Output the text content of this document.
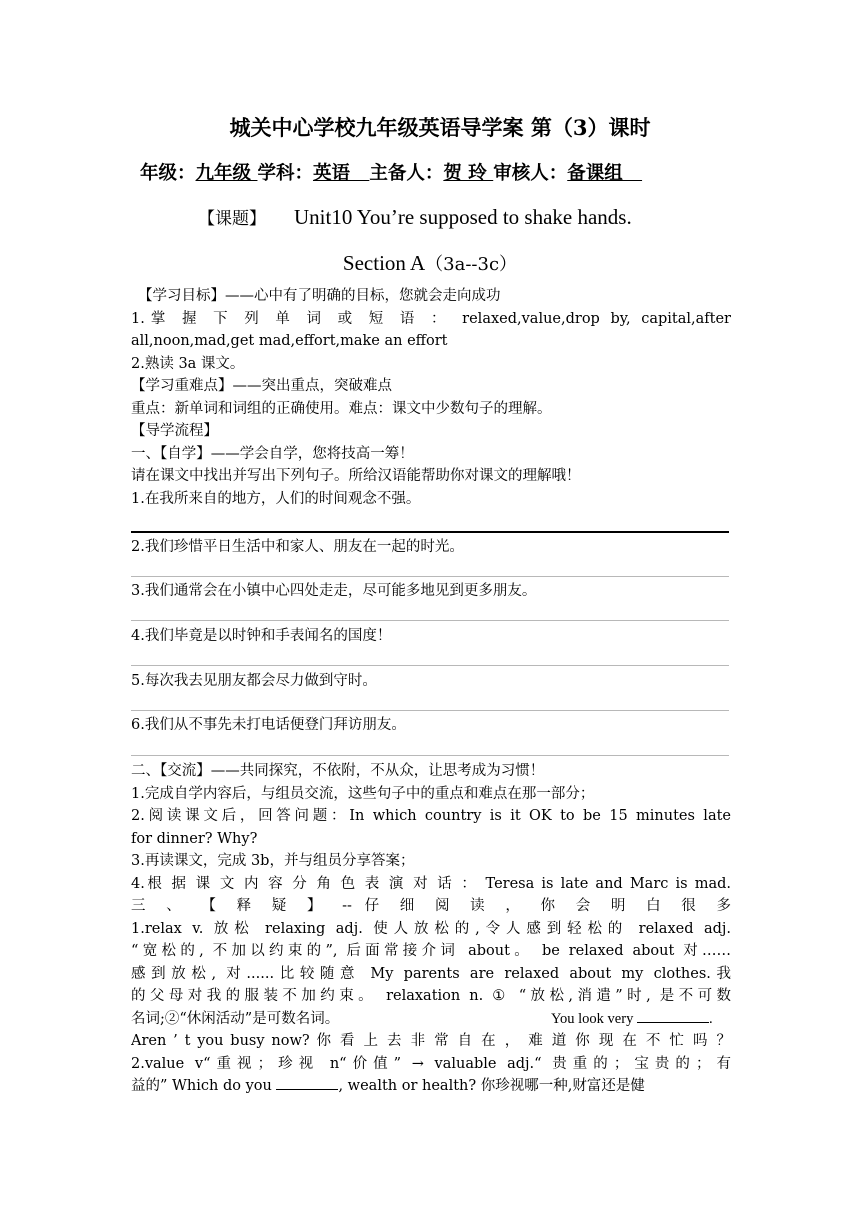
城关中心学校九年级英语导学案 第（3）课时
年级：九年级 学科：英语   主备人：贺 玲 审核人：备课组
【课题】 Unit10 You’re supposed to shake hands.
Section A（3a--3c）
【学习目标】——心中有了明确的目标，您就会走向成功
1.掌 握 下 列 单 词 或 短 语 ： relaxed,value,drop by, capital,after
all,noon,mad,get mad,effort,make an effort
2.熟读 3a 课文。
【学习重难点】——突出重点，突破难点
重点：新单词和词组的正确使用。难点：课文中少数句子的理解。
【导学流程】
一、【自学】——学会自学，您将技高一筹！
请在课文中找出并写出下列句子。所给汉语能帮助你对课文的理解哦！
1.在我所来自的地方，人们的时间观念不强。
2.我们珍惜平日生活中和家人、朋友在一起的时光。
3.我们通常会在小镇中心四处走走，尽可能多地见到更多朋友。
4.我们毕竟是以时钟和手表闻名的国度！
5.每次我去见朋友都会尽力做到守时。
6.我们从不事先未打电话便登门拜访朋友。
二、【交流】——共同探究，不依附，不从众，让思考成为习惯！
1.完成自学内容后，与组员交流，这些句子中的重点和难点在那一部分；
2.阅读课文后，回答问题：In which country is it OK to be 15 minutes late
for dinner? Why?
3.再读课文，完成 3b，并与组员分享答案；
4.根 据 课 文 内 容 分 角 色 表 演 对 话 ： Teresa is late and Marc is mad.
三 、 【 释 疑 】 -- 仔 细 阅 读 ， 你 会 明 白 很 多
1.relax v. 放松 relaxing adj. 使人放松的,令人感到轻松的 relaxed adj.
“宽松的, 不加以约束的”, 后面常接介词 about。 be relaxed about 对……
感到放松, 对......比较随意 My parents are relaxed about my clothes.我
的父母对我的服装不加约束。 relaxation n. ① “放松,消遣”时, 是不可数
名词;②“休闲活动”是可数名词。	You look very	.
Aren ’ t you busy now? 你 看 上 去 非 常 自 在 ， 难 道 你 现 在 不 忙 吗 ？
2.value v“重视；珍视 n“价值” → valuable adj.“ 贵重的；宝贵的；有
益的” Which do you	, wealth or health? 你珍视哪一种,财富还是健
